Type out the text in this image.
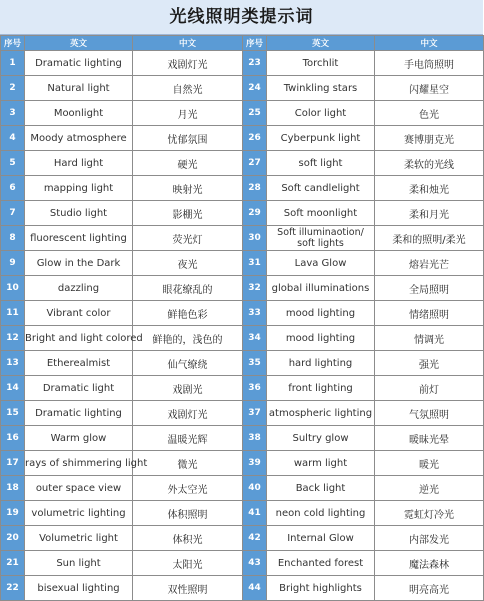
光线照明类提示词
序号	英文	中文	序号	英文	中文
1	Dramatic lighting	戏剧灯光	23	Torchlit	手电筒照明
2	Natural light	自然光	24	Twinkling stars	闪耀星空
3	Moonlight	月光	25	Color light	色光
4	Moody atmosphere	忧郁氛围	26	Cyberpunk light	赛博朋克光
5	Hard light	硬光	27	soft light	柔软的光线
6	mapping light	映射光	28	Soft candlelight	柔和烛光
7	Studio light	影棚光	29	Soft moonlight	柔和月光
8	fluorescent lighting	荧光灯	30	Soft illuminaotion/ soft lights	柔和的照明/柔光
9	Glow in the Dark	夜光	31	Lava Glow	熔岩光芒
10	dazzling	眼花缭乱的	32	global illuminations	全局照明
11	Vibrant color	鲜艳色彩	33	mood lighting	情绪照明
12	Bright and light colored	鲜艳的，浅色的	34	mood lighting	情调光
13	Etherealmist	仙气缭绕	35	hard lighting	强光
14	Dramatic light	戏剧光	36	front lighting	前灯
15	Dramatic lighting	戏剧灯光	37	atmospheric lighting	气氛照明
16	Warm glow	温暖光辉	38	Sultry glow	暖昧光晕
17	rays of shimmering light	微光	39	warm light	暖光
18	outer space view	外太空光	40	Back light	逆光
19	volumetric lighting	体积照明	41	neon cold lighting	霓虹灯冷光
20	Volumetric light	体积光	42	Internal Glow	内部发光
21	Sun light	太阳光	43	Enchanted forest	魔法森林
22	bisexual lighting	双性照明	44	Bright highlights	明亮高光
